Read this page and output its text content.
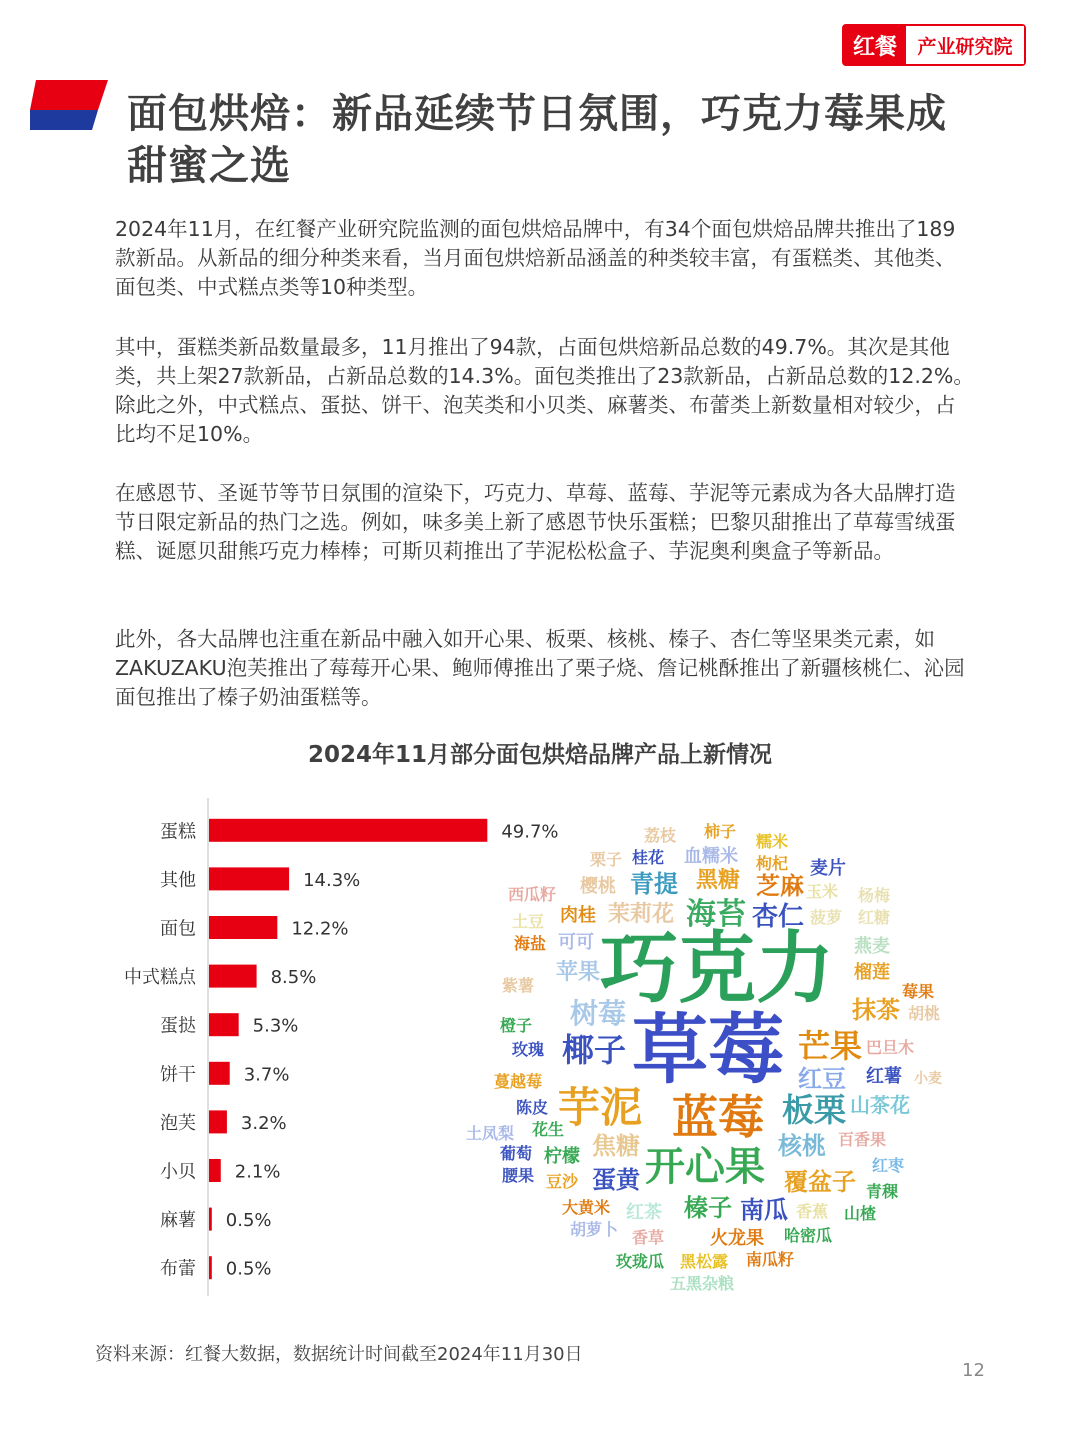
红餐	产业研究院
面包烘焙：新品延续节日氛围，巧克力莓果成甜蜜之选

2024年11月，在红餐产业研究院监测的面包烘焙品牌中，有34个面包烘焙品牌共推出了189款新品。从新品的细分种类来看，当月面包烘焙新品涵盖的种类较丰富，有蛋糕类、其他类、面包类、中式糕点类等10种类型。

其中，蛋糕类新品数量最多，11月推出了94款，占面包烘焙新品总数的49.7%。其次是其他类，共上架27款新品，占新品总数的14.3%。面包类推出了23款新品，占新品总数的12.2%。除此之外，中式糕点、蛋挞、饼干、泡芙类和小贝类、麻薯类、布蕾类上新数量相对较少，占比均不足10%。

在感恩节、圣诞节等节日氛围的渲染下，巧克力、草莓、蓝莓、芋泥等元素成为各大品牌打造节日限定新品的热门之选。例如，味多美上新了感恩节快乐蛋糕；巴黎贝甜推出了草莓雪绒蛋糕、诞愿贝甜熊巧克力棒棒；可斯贝莉推出了芋泥松松盒子、芋泥奥利奥盒子等新品。

此外，各大品牌也注重在新品中融入如开心果、板栗、核桃、榛子、杏仁等坚果类元素，如ZAKUZAKU泡芙推出了莓莓开心果、鲍师傅推出了栗子烧、詹记桃酥推出了新疆核桃仁、沁园面包推出了榛子奶油蛋糕等。

2024年11月部分面包烘焙品牌产品上新情况
蛋糕	49.7%
其他	14.3%
面包	12.2%
中式糕点	8.5%
蛋挞	5.3%
饼干	3.7%
泡芙 3.2%
小贝 2.1%
麻薯 0.5%
布蕾 0.5%
巧克力
草莓
蓝莓
芋泥
开心果
椰子	芒果
板栗
海苔
树莓
杏仁
芝麻
青提 黑糖
茉莉花
核桃
榛子 南瓜
蛋黄	覆盆子
焦糖
红豆
抹茶
苹果
山茶花
肉桂
樱桃
西瓜籽
可可
海盐
土豆
桂花 血糯米
荔枝 柿子
糯米
枸杞 麦片
玉米 杨梅
菠萝 红糖
燕麦
榴莲
莓果
胡桃
巴旦木
红薯 小麦
百香果
红枣
青稞
山楂
香蕉
哈密瓜
火龙果
南瓜籽
黑松露
玫珑瓜
五黑杂粮
香草
红茶
大黄米
胡萝卜
豆沙
腰果
葡萄 柠檬
花生
土凤梨
陈皮
蔓越莓
玫瑰
橙子
紫薯
栗子
资料来源：红餐大数据，数据统计时间截至2024年11月30日
12
